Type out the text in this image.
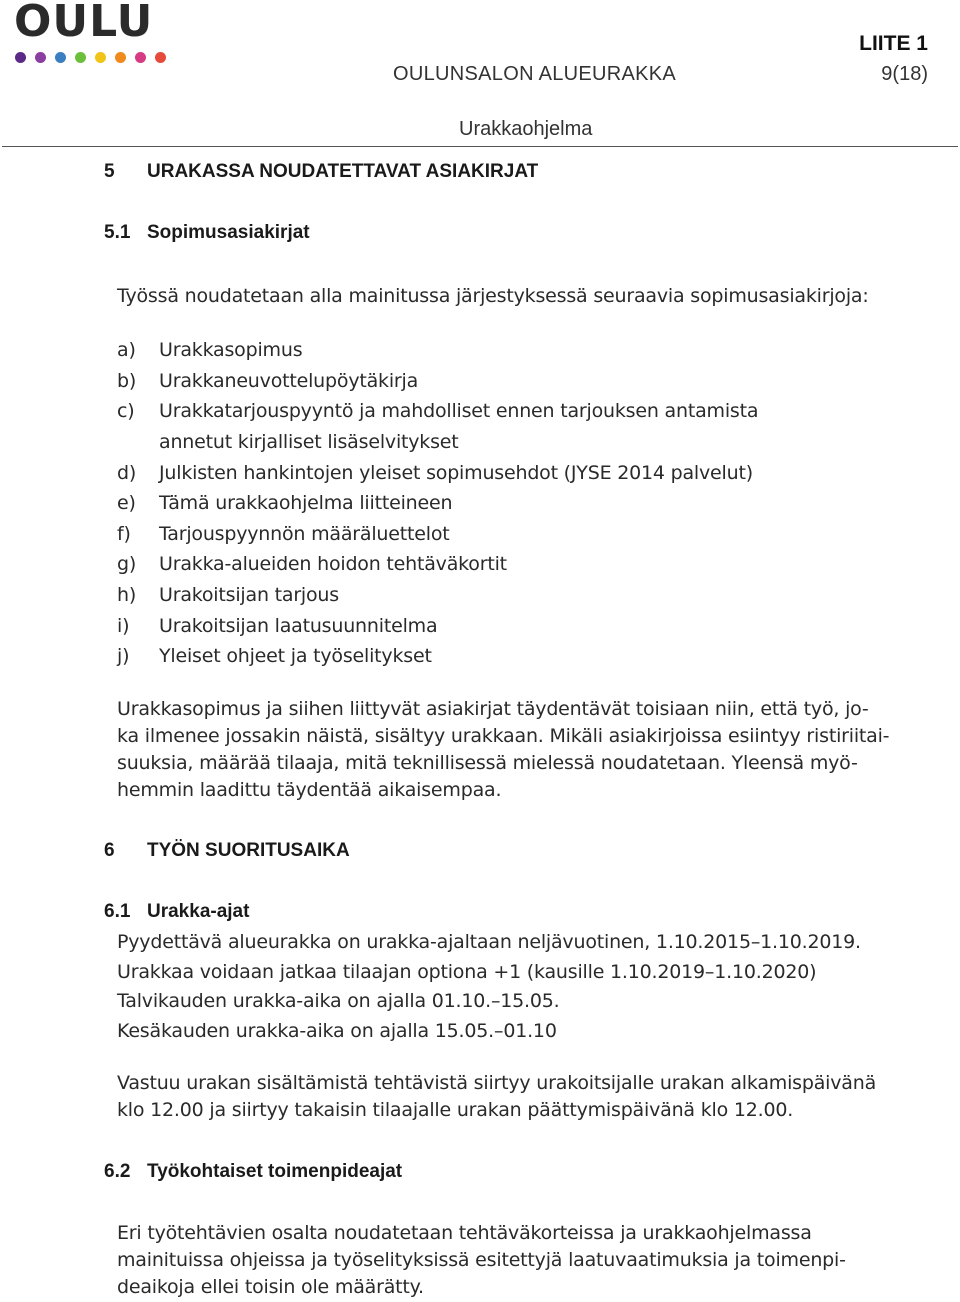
OULU	LIITE 1
OULUNSALON ALUEURAKKA	9(18)
Urakkaohjelma
5 URAKASSA NOUDATETTAVAT ASIAKIRJAT
5.1 Sopimusasiakirjat
Työssä noudatetaan alla mainitussa järjestyksessä seuraavia sopimusasiakirjoja:
a)	Urakkasopimus
b)	Urakkaneuvottelupöytäkirja
c)	Urakkatarjouspyyntö ja mahdolliset ennen tarjouksen antamista
annetut kirjalliset lisäselvitykset
d)	Julkisten hankintojen yleiset sopimusehdot (JYSE 2014 palvelut)
e)	Tämä urakkaohjelma liitteineen
f)	Tarjouspyynnön määräluettelot
g)	Urakka-alueiden hoidon tehtäväkortit
h)	Urakoitsijan tarjous
i)	Urakoitsijan laatusuunnitelma
j)	Yleiset ohjeet ja työselitykset
Urakkasopimus ja siihen liittyvät asiakirjat täydentävät toisiaan niin, että työ, jo-
ka ilmenee jossakin näistä, sisältyy urakkaan. Mikäli asiakirjoissa esiintyy ristiriitai-
suuksia, määrää tilaaja, mitä teknillisessä mielessä noudatetaan. Yleensä myö-
hemmin laadittu täydentää aikaisempaa.
6 TYÖN SUORITUSAIKA
6.1 Urakka-ajat
Pyydettävä alueurakka on urakka-ajaltaan neljävuotinen, 1.10.2015–1.10.2019.
Urakkaa voidaan jatkaa tilaajan optiona +1 (kausille 1.10.2019–1.10.2020)
Talvikauden urakka-aika on ajalla 01.10.–15.05.
Kesäkauden urakka-aika on ajalla 15.05.–01.10
Vastuu urakan sisältämistä tehtävistä siirtyy urakoitsijalle urakan alkamispäivänä
klo 12.00 ja siirtyy takaisin tilaajalle urakan päättymispäivänä klo 12.00.
6.2 Työkohtaiset toimenpideajat
Eri työtehtävien osalta noudatetaan tehtäväkorteissa ja urakkaohjelmassa
mainituissa ohjeissa ja työselityksissä esitettyjä laatuvaatimuksia ja toimenpi-
deaikoja ellei toisin ole määrätty.
